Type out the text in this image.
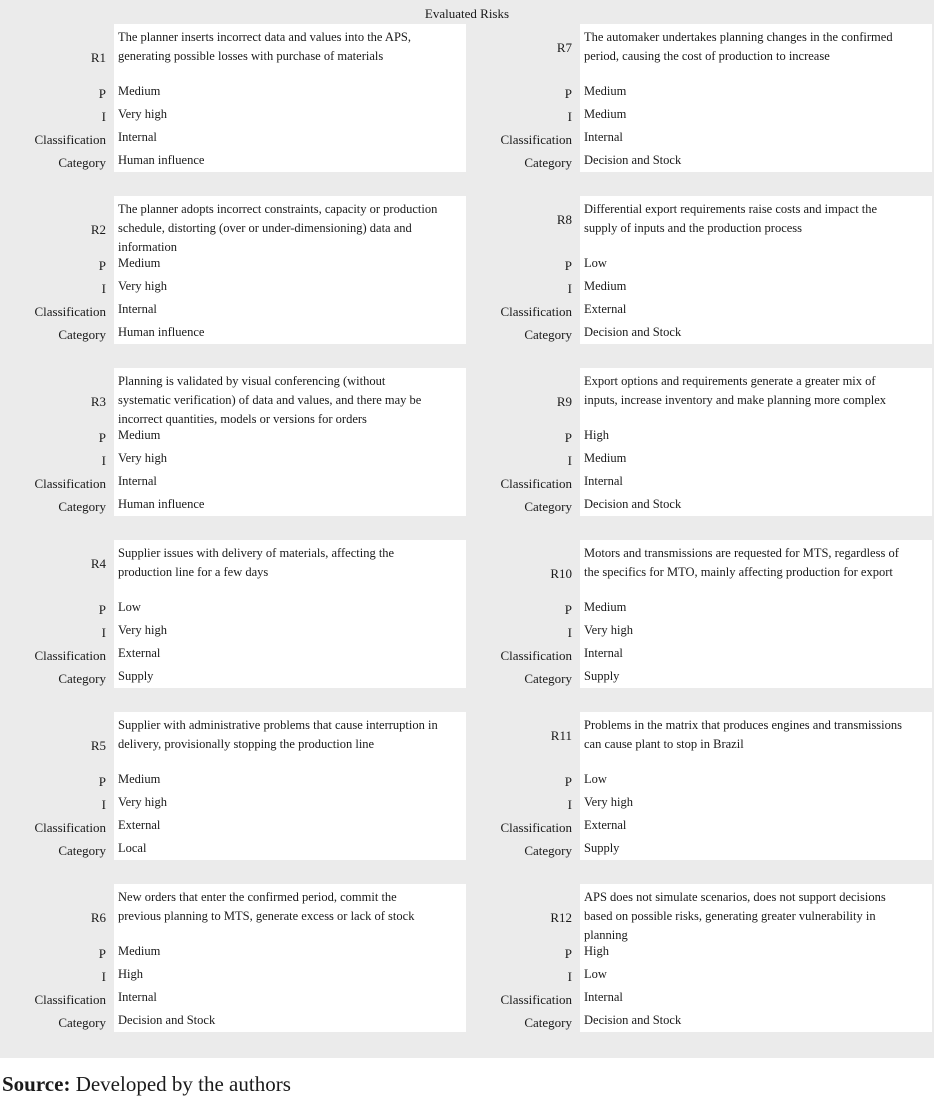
Evaluated Risks
R1
P
I
Classification
Category
The planner inserts incorrect data and values into the APS, generating possible losses with purchase of materials
Medium
Very high
Internal
Human influence
R7
P
I
Classification
Category
The automaker undertakes planning changes in the confirmed period, causing the cost of production to increase
Medium
Medium
Internal
Decision and Stock
R2
P
I
Classification
Category
The planner adopts incorrect constraints, capacity or production schedule, distorting (over or under-dimensioning) data and information
Medium
Very high
Internal
Human influence
R8
P
I
Classification
Category
Differential export requirements raise costs and impact the supply of inputs and the production process
Low
Medium
External
Decision and Stock
R3
P
I
Classification
Category
Planning is validated by visual conferencing (without systematic verification) of data and values, and there may be incorrect quantities, models or versions for orders
Medium
Very high
Internal
Human influence
R9
P
I
Classification
Category
Export options and requirements generate a greater mix of inputs, increase inventory and make planning more complex
High
Medium
Internal
Decision and Stock
R4
P
I
Classification
Category
Supplier issues with delivery of materials, affecting the production line for a few days
Low
Very high
External
Supply
R10
P
I
Classification
Category
Motors and transmissions are requested for MTS, regardless of the specifics for MTO, mainly affecting production for export
Medium
Very high
Internal
Supply
R5
P
I
Classification
Category
Supplier with administrative problems that cause interruption in delivery, provisionally stopping the production line
Medium
Very high
External
Local
R11
P
I
Classification
Category
Problems in the matrix that produces engines and transmissions can cause plant to stop in Brazil
Low
Very high
External
Supply
R6
P
I
Classification
Category
New orders that enter the confirmed period, commit the previous planning to MTS, generate excess or lack of stock
Medium
High
Internal
Decision and Stock
R12
P
I
Classification
Category
APS does not simulate scenarios, does not support decisions based on possible risks, generating greater vulnerability in planning
High
Low
Internal
Decision and Stock
Source: Developed by the authors
